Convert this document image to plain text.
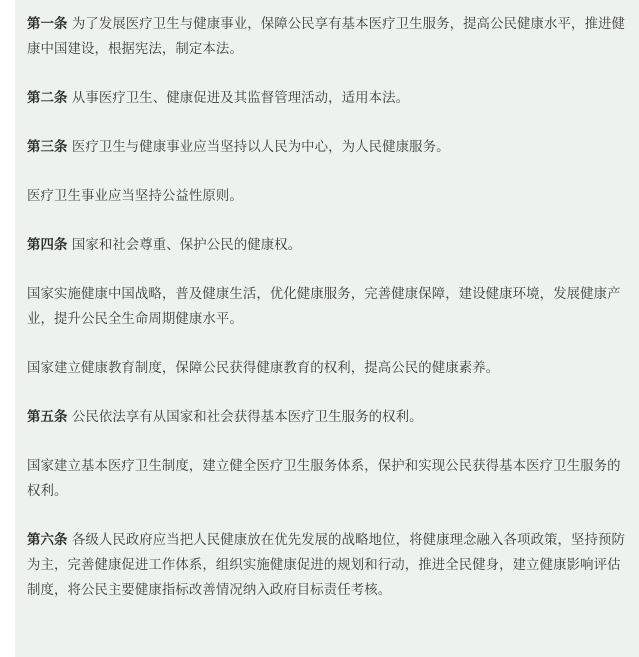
第一条 为了发展医疗卫生与健康事业，保障公民享有基本医疗卫生服务，提高公民健康水平，推进健康中国建设，根据宪法，制定本法。

第二条 从事医疗卫生、健康促进及其监督管理活动，适用本法。

第三条 医疗卫生与健康事业应当坚持以人民为中心，为人民健康服务。

医疗卫生事业应当坚持公益性原则。

第四条 国家和社会尊重、保护公民的健康权。

国家实施健康中国战略，普及健康生活，优化健康服务，完善健康保障，建设健康环境，发展健康产业，提升公民全生命周期健康水平。

国家建立健康教育制度，保障公民获得健康教育的权利，提高公民的健康素养。

第五条 公民依法享有从国家和社会获得基本医疗卫生服务的权利。

国家建立基本医疗卫生制度，建立健全医疗卫生服务体系，保护和实现公民获得基本医疗卫生服务的权利。

第六条 各级人民政府应当把人民健康放在优先发展的战略地位，将健康理念融入各项政策，坚持预防为主，完善健康促进工作体系，组织实施健康促进的规划和行动，推进全民健身，建立健康影响评估制度，将公民主要健康指标改善情况纳入政府目标责任考核。
